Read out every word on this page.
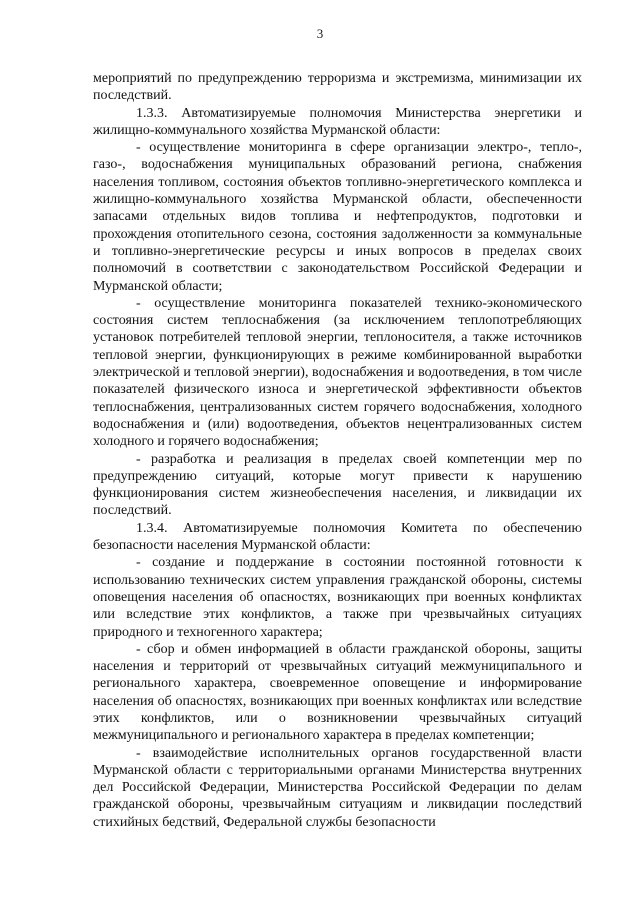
3

мероприятий по предупреждению терроризма и экстремизма, минимизации их последствий.

1.3.3. Автоматизируемые полномочия Министерства энергетики и жилищно-коммунального хозяйства Мурманской области:

- осуществление мониторинга в сфере организации электро-, тепло-, газо-, водоснабжения муниципальных образований региона, снабжения населения топливом, состояния объектов топливно-энергетического комплекса и жилищно-коммунального хозяйства Мурманской области, обеспеченности запасами отдельных видов топлива и нефтепродуктов, подготовки и прохождения отопительного сезона, состояния задолженности за коммунальные и топливно-энергетические ресурсы и иных вопросов в пределах своих полномочий в соответствии с законодательством Российской Федерации и Мурманской области;

- осуществление мониторинга показателей технико-экономического состояния систем теплоснабжения (за исключением теплопотребляющих установок потребителей тепловой энергии, теплоносителя, а также источников тепловой энергии, функционирующих в режиме комбинированной выработки электрической и тепловой энергии), водоснабжения и водоотведения, в том числе показателей физического износа и энергетической эффективности объектов теплоснабжения, централизованных систем горячего водоснабжения, холодного водоснабжения и (или) водоотведения, объектов нецентрализованных систем холодного и горячего водоснабжения;

- разработка и реализация в пределах своей компетенции мер по предупреждению ситуаций, которые могут привести к нарушению функционирования систем жизнеобеспечения населения, и ликвидации их последствий.

1.3.4. Автоматизируемые полномочия Комитета по обеспечению безопасности населения Мурманской области:

- создание и поддержание в состоянии постоянной готовности к использованию технических систем управления гражданской обороны, системы оповещения населения об опасностях, возникающих при военных конфликтах или вследствие этих конфликтов, а также при чрезвычайных ситуациях природного и техногенного характера;

- сбор и обмен информацией в области гражданской обороны, защиты населения и территорий от чрезвычайных ситуаций межмуниципального и регионального характера, своевременное оповещение и информирование населения об опасностях, возникающих при военных конфликтах или вследствие этих конфликтов, или о возникновении чрезвычайных ситуаций межмуниципального и регионального характера в пределах компетенции;

- взаимодействие исполнительных органов государственной власти Мурманской области с территориальными органами Министерства внутренних дел Российской Федерации, Министерства Российской Федерации по делам гражданской обороны, чрезвычайным ситуациям и ликвидации последствий стихийных бедствий, Федеральной службы безопасности
